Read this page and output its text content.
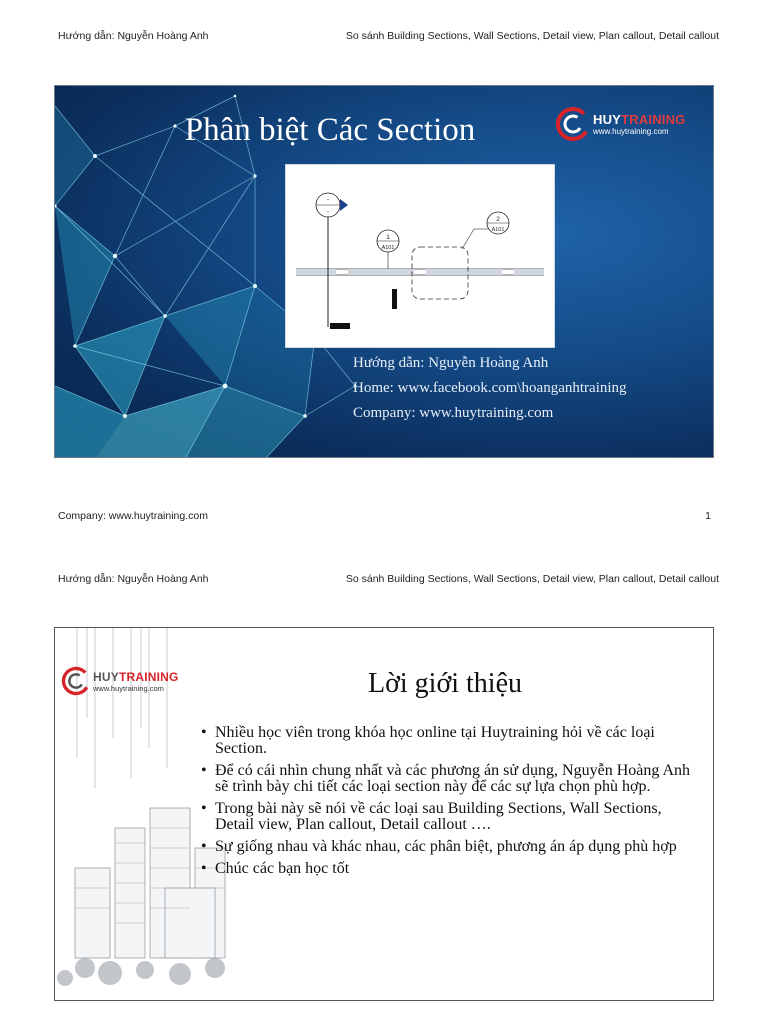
Hướng dẫn: Nguyễn Hoàng Anh	So sánh Building Sections, Wall Sections, Detail view, Plan callout, Detail callout
Phân biệt Các Section	HUYTRAINING
www.huytraining.com
-
-
1
A101
2
A101
Hướng dẫn: Nguyễn Hoàng Anh
Home: www.facebook.com\hoanganhtraining
Company: www.huytraining.com
Company: www.huytraining.com	1
Hướng dẫn: Nguyễn Hoàng Anh	So sánh Building Sections, Wall Sections, Detail view, Plan callout, Detail callout
HUYTRAINING
www.huytraining.com	Lời giới thiệu
• Nhiều học viên trong khóa học online tại Huytraining hỏi về các loại Section.
• Để có cái nhìn chung nhất và các phương án sử dụng, Nguyễn Hoàng Anh sẽ trình bày chi tiết các loại section này để các sự lựa chọn phù hợp.
• Trong bài này sẽ nói về các loại sau Building Sections, Wall Sections, Detail view, Plan callout, Detail callout ….
• Sự giống nhau và khác nhau, các phân biệt, phương án áp dụng phù hợp
• Chúc các bạn học tốt
